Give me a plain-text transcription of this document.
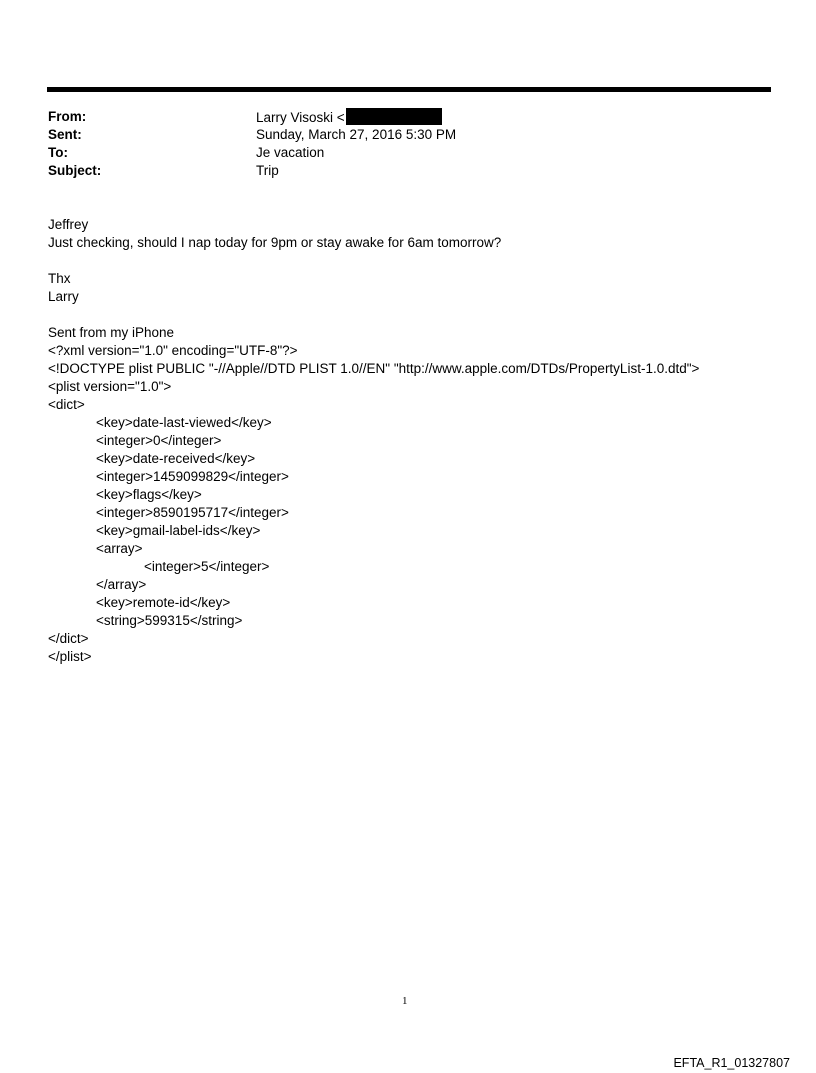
From:	Larry Visoski <
Sent:	Sunday, March 27, 2016 5:30 PM
To:	Je vacation
Subject:	Trip
Jeffrey
Just checking, should I nap today for 9pm or stay awake for 6am tomorrow?
Thx
Larry
Sent from my iPhone
<?xml version="1.0" encoding="UTF-8"?>
<!DOCTYPE plist PUBLIC "-//Apple//DTD PLIST 1.0//EN" "http://www.apple.com/DTDs/PropertyList-1.0.dtd">
<plist version="1.0">
<dict>
<key>date-last-viewed</key>
<integer>0</integer>
<key>date-received</key>
<integer>1459099829</integer>
<key>flags</key>
<integer>8590195717</integer>
<key>gmail-label-ids</key>
<array>
<integer>5</integer>
</array>
<key>remote-id</key>
<string>599315</string>
</dict>
</plist>
1
EFTA_R1_01327807
